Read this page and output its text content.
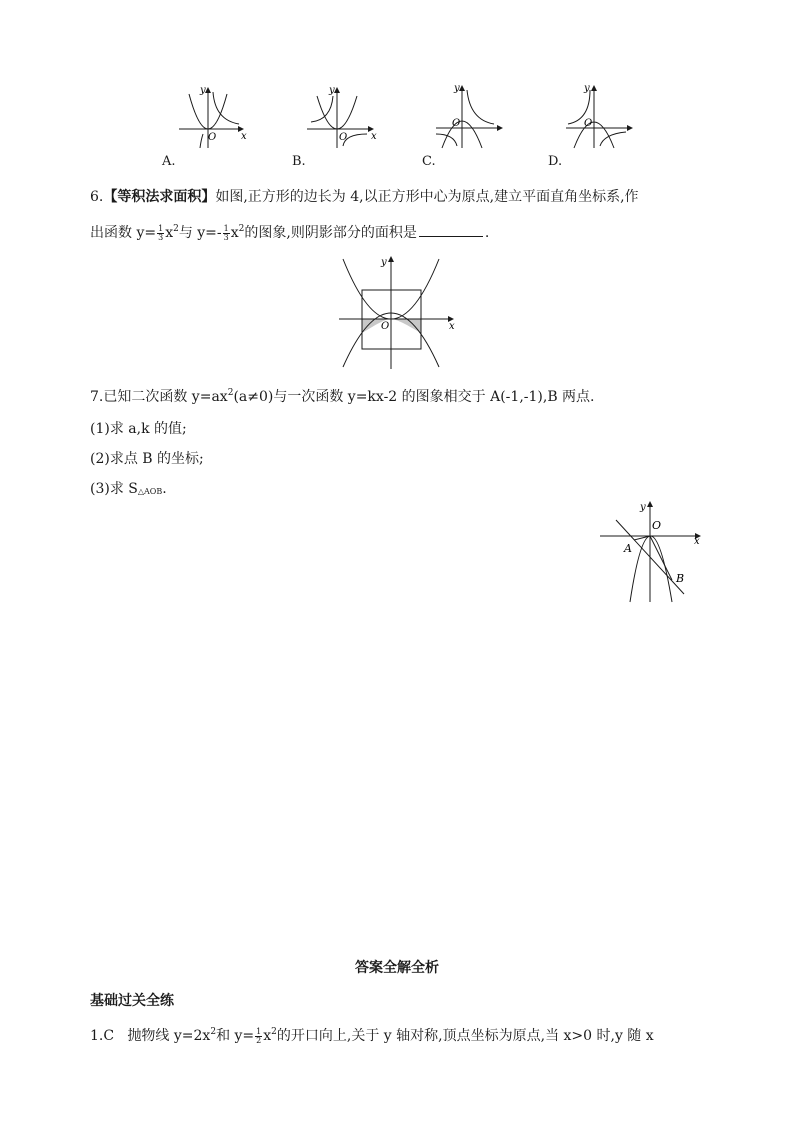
y
x
O
A.
y
x
O
B.
y
O
C.
y
O
D.
6.【等积法求面积】如图,正方形的边长为 4,以正方形中心为原点,建立平面直角坐标系,作
出函数 $y= \frac{1}{3} x^2$与 $y=- \frac{1}{3} x^2$的图象,则阴影部分的面积是	.
y
x
O
7.已知二次函数 $y=ax^2(a\ne 0)$与一次函数 y=kx-2 的图象相交于 A(-1,-1),B 两点.
(1)求 a,k 的值;
(2)求点 B 的坐标;
(3)求 $S_{\triangle AOB}$.
y
x
O
A
B
答案全解全析
基础过关全练
1.C 抛物线 $y=2x^2$和 $y= \frac{1}{2} x^2$的开口向上,关于 y 轴对称,顶点坐标为原点,当 x>0 时,y 随 x
